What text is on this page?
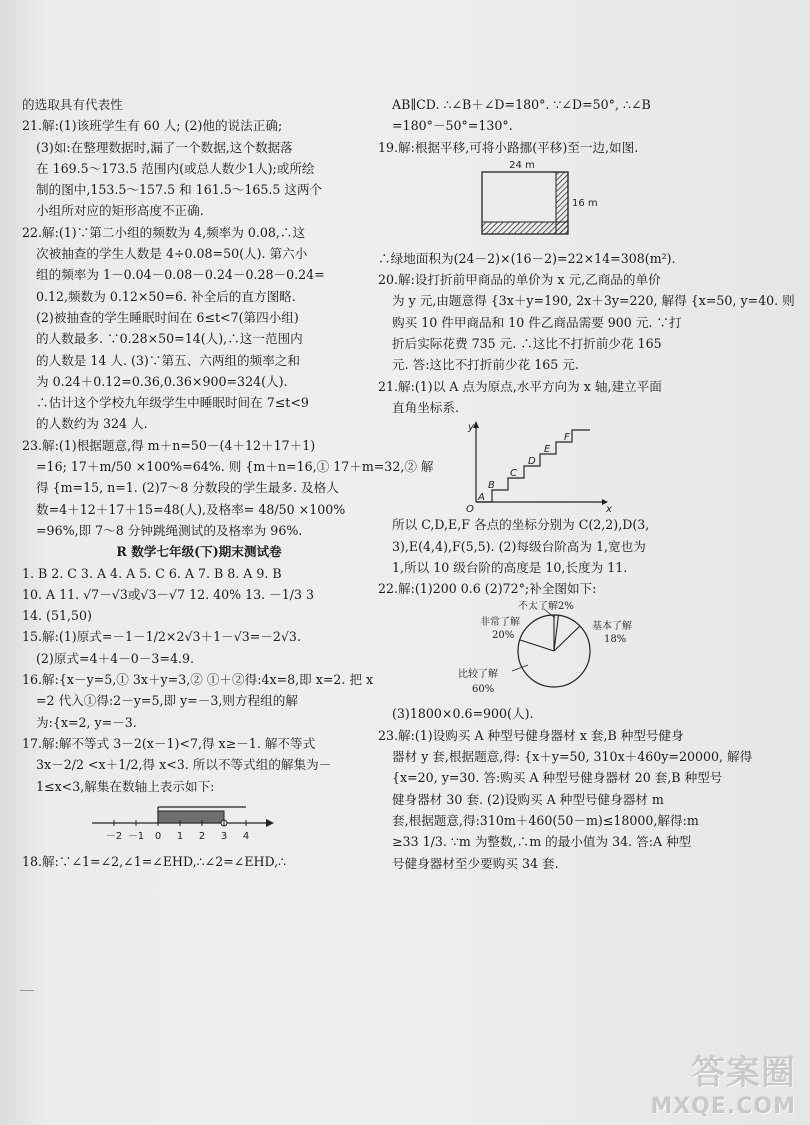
的选取具有代表性
21.解:(1)该班学生有 60 人; (2)他的说法正确;
(3)如:在整理数据时,漏了一个数据,这个数据落
在 169.5～173.5 范围内(或总人数少1人);或所绘
制的图中,153.5～157.5 和 161.5～165.5 这两个
小组所对应的矩形高度不正确.
22.解:(1)∵第二小组的频数为 4,频率为 0.08,∴这
次被抽查的学生人数是 4÷0.08=50(人). 第六小
组的频率为 1－0.04－0.08－0.24－0.28－0.24=
0.12,频数为 0.12×50=6. 补全后的直方图略.
(2)被抽查的学生睡眠时间在 6≤t<7(第四小组)
的人数最多. ∵0.28×50=14(人),∴这一范围内
的人数是 14 人. (3)∵第五、六两组的频率之和
为 0.24＋0.12=0.36,0.36×900=324(人).
∴估计这个学校九年级学生中睡眠时间在 7≤t<9
的人数约为 324 人.
23.解:(1)根据题意,得 m＋n=50－(4＋12＋17＋1)
=16; 17＋m/50 ×100%=64%. 则 {m＋n=16,① 17＋m=32,② 解
得 {m=15, n=1. (2)7～8 分数段的学生最多. 及格人
数=4＋12＋17＋15=48(人),及格率= 48/50 ×100%
=96%,即 7～8 分钟跳绳测试的及格率为 96%.
R 数学七年级(下)期末测试卷
1. B 2. C 3. A 4. A 5. C 6. A 7. B 8. A 9. B
10. A 11. √7－√3或√3－√7 12. 40% 13. －1/3 3
14. (51,50)
15.解:(1)原式=－1－1/2×2√3＋1－√3=－2√3.
(2)原式=4＋4－0－3=4.9.
16.解:{x－y=5,① 3x＋y=3,② ①＋②得:4x=8,即 x=2. 把 x
=2 代入①得:2－y=5,即 y=－3,则方程组的解
为:{x=2, y=－3.
17.解:解不等式 3－2(x－1)<7,得 x≥－1. 解不等式
3x－2/2 <x＋1/2,得 x<3. 所以不等式组的解集为－
1≤x<3,解集在数轴上表示如下:
－2 －1 0 1 2 3 4
18.解:∵∠1=∠2,∠1=∠EHD,∴∠2=∠EHD,∴
AB∥CD. ∴∠B＋∠D=180°. ∵∠D=50°, ∴∠B
=180°－50°=130°.
19.解:根据平移,可将小路挪(平移)至一边,如图.
24 m
16 m
∴绿地面积为(24－2)×(16－2)=22×14=308(m²).
20.解:设打折前甲商品的单价为 x 元,乙商品的单价
为 y 元,由题意得 {3x＋y=190, 2x＋3y=220, 解得 {x=50, y=40. 则
购买 10 件甲商品和 10 件乙商品需要 900 元. ∵打
折后实际花费 735 元. ∴这比不打折前少花 165
元. 答:这比不打折前少花 165 元.
21.解:(1)以 A 点为原点,水平方向为 x 轴,建立平面
直角坐标系.
y
x
O
A
B
C
D
E
F
所以 C,D,E,F 各点的坐标分别为 C(2,2),D(3,
3),E(4,4),F(5,5). (2)每级台阶高为 1,宽也为
1,所以 10 级台阶的高度是 10,长度为 11.
22.解:(1)200 0.6 (2)72°;补全图如下:
不太了解2%
非常了解
20%
基本了解
18%
比较了解
60%
(3)1800×0.6=900(人).
23.解:(1)设购买 A 种型号健身器材 x 套,B 种型号健身
器材 y 套,根据题意,得: {x＋y=50, 310x＋460y=20000, 解得
{x=20, y=30. 答:购买 A 种型号健身器材 20 套,B 种型号
健身器材 30 套. (2)设购买 A 种型号健身器材 m
套,根据题意,得:310m＋460(50－m)≤18000,解得:m
≥33 1/3. ∵m 为整数,∴m 的最小值为 34. 答:A 种型
号健身器材至少要购买 34 套.
答案圈
MXQE.COM
